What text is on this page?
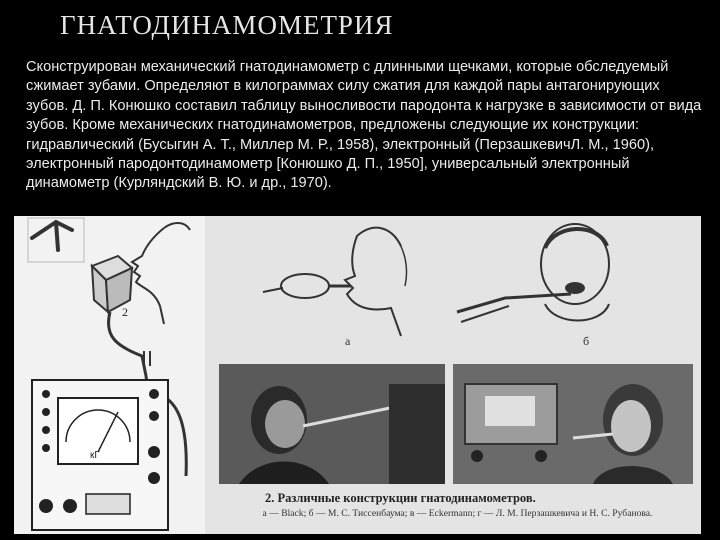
ГНАТОДИНАМОМЕТРИЯ

Сконструирован механический гнатодинамометр с длинными щечками, которые обследуемый сжимает зубами. Определяют в килограммах силу сжатия для каждой пары антагонирующих зубов. Д. П. Конюшко составил таблицу выносливости пародонта к нагрузке в зависимости от вида зубов. Кроме механических гнатодинамометров, предложены следующие их конструкции: гидравлический (Бусыгин А. Т., Миллер М. Р., 1958), электронный (ПерзашкевичЛ. М., 1960), электронный пародонтодинамометр [Конюшко Д. П., 1950], универсальный электронный динамометр (Курляндский В. Ю. и др., 1970).

2
кГ
а	б

2. Различные конструкции гнатодинамометров.

а — Black; б — М. С. Тиссенбаума; в — Eckermann; г — Л. М. Перзашкевича и Н. С. Рубанова.
